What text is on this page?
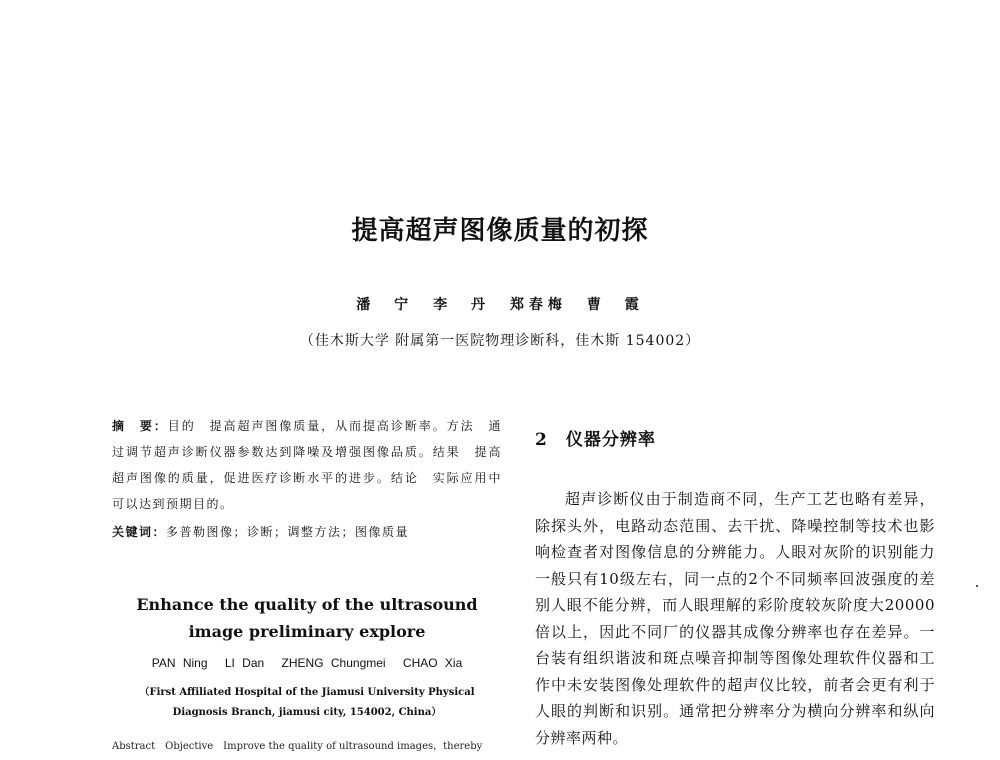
提高超声图像质量的初探
潘　宁 李　丹 郑春梅 曹　霞
（佳木斯大学 附属第一医院物理诊断科，佳木斯 154002）

摘　要：目的　提高超声图像质量，从而提高诊断率。方法　通过调节超声诊断仪器参数达到降噪及增强图像品质。结果　提高超声图像的质量，促进医疗诊断水平的进步。结论　实际应用中可以达到预期目的。

关键词：多普勒图像；诊断；调整方法；图像质量

Enhance the quality of the ultrasound
image preliminary explore
PAN Ning LI Dan ZHENG Chungmei CHAO Xia
（First Affiliated Hospital of the Jiamusi University Physical
Diagnosis Branch, jiamusi city, 154002, China）
Abstract　Objective　Improve the quality of ultrasound images，thereby
2 仪器分辨率
超声诊断仪由于制造商不同，生产工艺也略有差异，除探头外，电路动态范围、去干扰、降噪控制等技术也影响检查者对图像信息的分辨能力。人眼对灰阶的识别能力一般只有10级左右，同一点的2个不同频率回波强度的差别人眼不能分辨，而人眼理解的彩阶度较灰阶度大20000倍以上，因此不同厂的仪器其成像分辨率也存在差异。一台装有组织谐波和斑点噪音抑制等图像处理软件仪器和工作中未安装图像处理软件的超声仪比较，前者会更有利于人眼的判断和识别。通常把分辨率分为横向分辨率和纵向分辨率两种。
